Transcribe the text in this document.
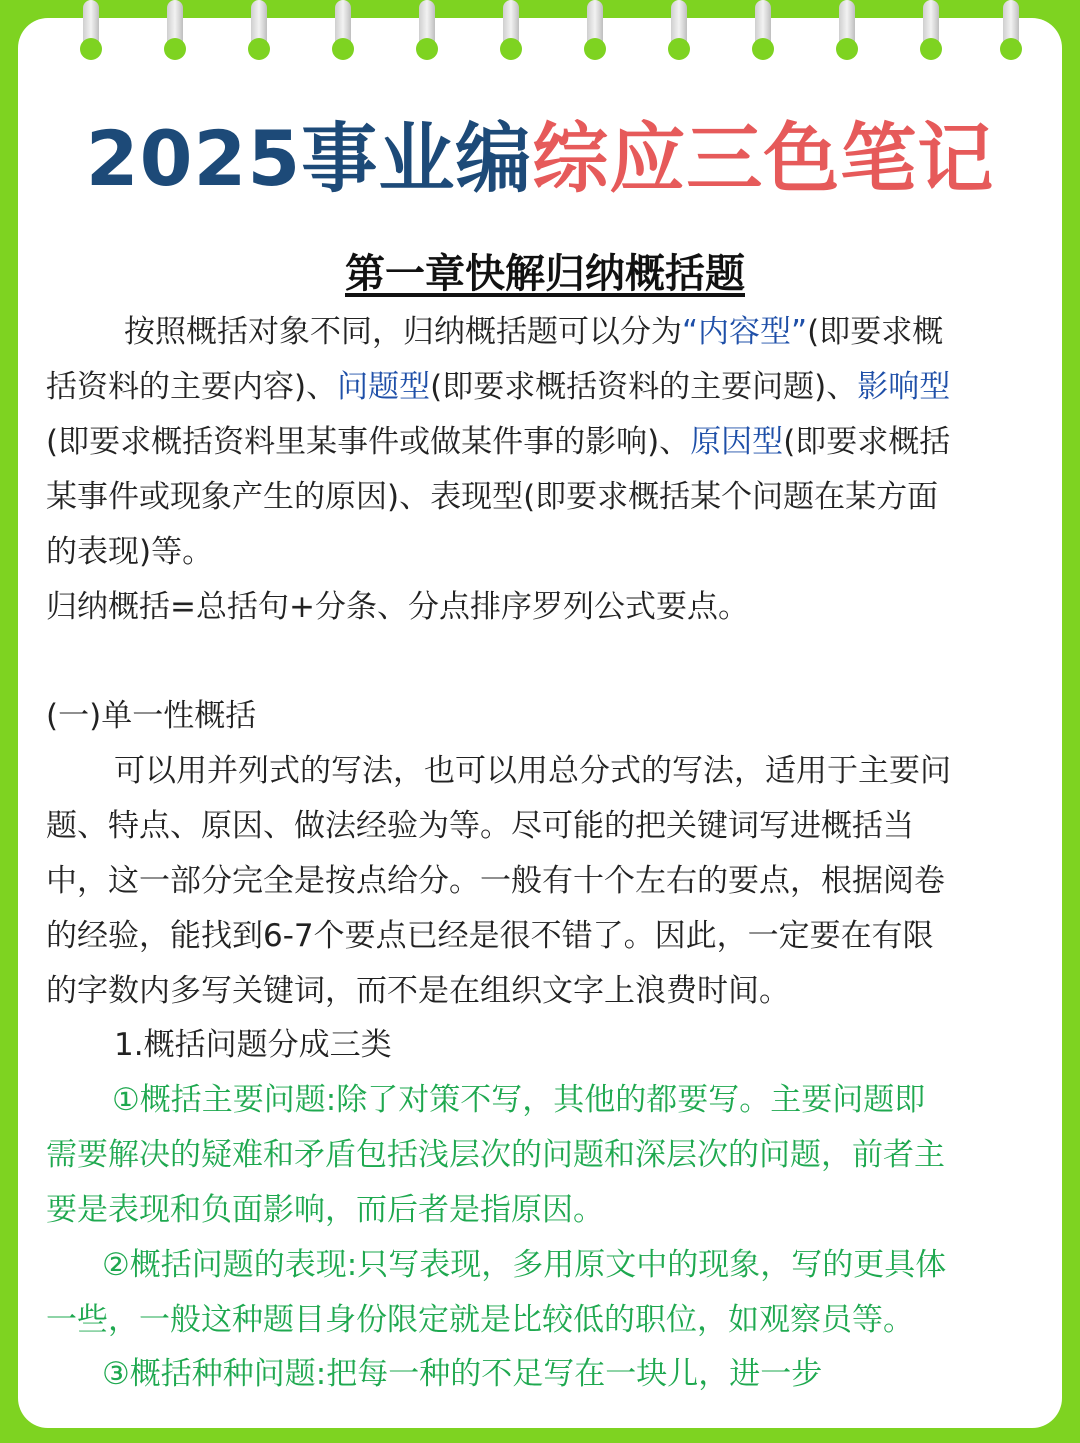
2025事业编综应三色笔记
第一章快解归纳概括题
按照概括对象不同，归纳概括题可以分为“内容型”(即要求概
括资料的主要内容)、问题型(即要求概括资料的主要问题)、影响型
(即要求概括资料里某事件或做某件事的影响)、原因型(即要求概括
某事件或现象产生的原因)、表现型(即要求概括某个问题在某方面
的表现)等。
归纳概括=总括句+分条、分点排序罗列公式要点。
(一)单一性概括
可以用并列式的写法，也可以用总分式的写法，适用于主要问
题、特点、原因、做法经验为等。尽可能的把关键词写进概括当
中，这一部分完全是按点给分。一般有十个左右的要点，根据阅卷
的经验，能找到6-7个要点已经是很不错了。因此，一定要在有限
的字数内多写关键词，而不是在组织文字上浪费时间。
1.概括问题分成三类
①概括主要问题:除了对策不写，其他的都要写。主要问题即
需要解决的疑难和矛盾包括浅层次的问题和深层次的问题，前者主
要是表现和负面影响，而后者是指原因。
②概括问题的表现:只写表现，多用原文中的现象，写的更具体
一些，一般这种题目身份限定就是比较低的职位，如观察员等。
③概括种种问题:把每一种的不足写在一块儿，进一步
